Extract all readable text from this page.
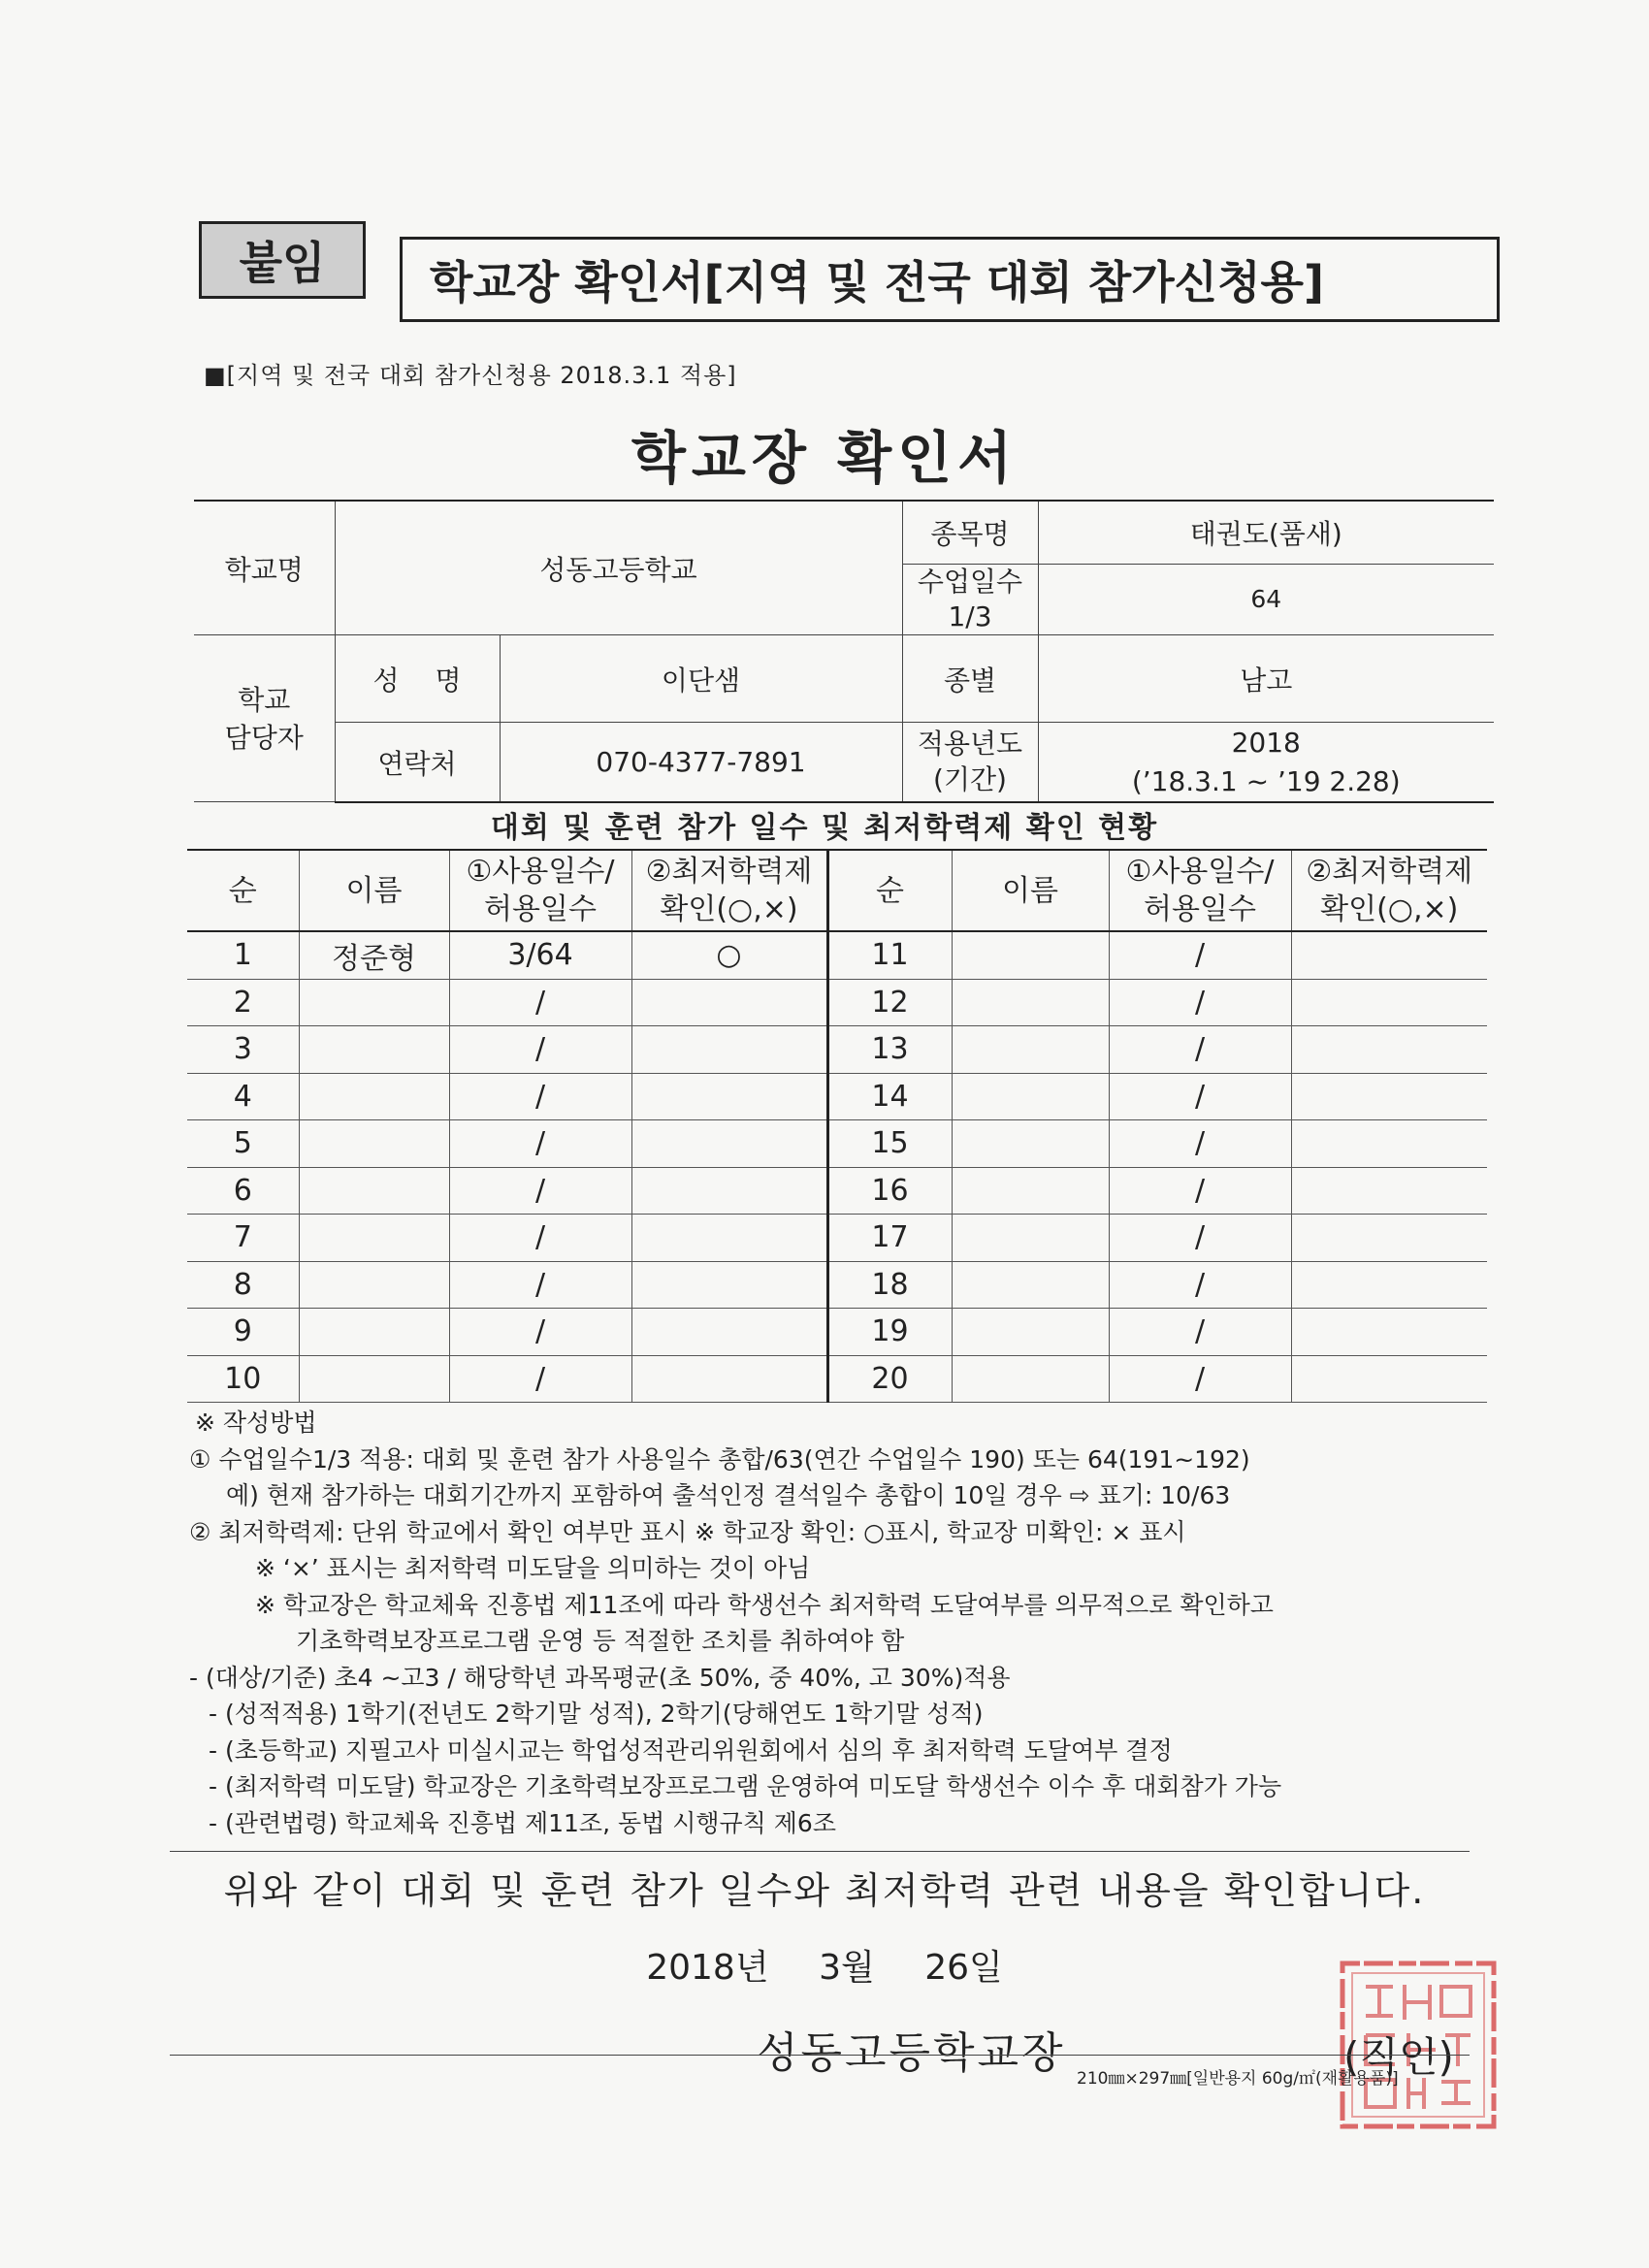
붙임 학교장 확인서[지역 및 전국 대회 참가신청용]
■[지역 및 전국 대회 참가신청용 2018.3.1 적용]
학교장 확인서
학교명	성동고등학교		종목명	태권도(품새)
			수업일수 1/3	64
학교 담당자	성 명	이단샘	종별	남고
	연락처	070-4377-7891	적용년도 (기간)	2018
(’18.3.1 ~ ’19 2.28)
대회 및 훈련 참가 일수 및 최저학력제 확인 현황
순	이름	①사용일수/ 허용일수	②최저학력제 확인(○,×)	순	이름	①사용일수/ 허용일수	②최저학력제 확인(○,×)
1	정준형	3/64	○	11		/	
2		/		12		/	
3		/		13		/	
4		/		14		/	
5		/		15		/	
6		/		16		/	
7		/		17		/	
8		/		18		/	
9		/		19		/	
10		/		20		/	
※ 작성방법
① 수업일수1/3 적용: 대회 및 훈련 참가 사용일수 총합/63(연간 수업일수 190) 또는 64(191~192)
예) 현재 참가하는 대회기간까지 포함하여 출석인정 결석일수 총합이 10일 경우 ⇨ 표기: 10/63
② 최저학력제: 단위 학교에서 확인 여부만 표시 ※ 학교장 확인: ○표시, 학교장 미확인: × 표시
※ ‘×’ 표시는 최저학력 미도달을 의미하는 것이 아님
※ 학교장은 학교체육 진흥법 제11조에 따라 학생선수 최저학력 도달여부를 의무적으로 확인하고
기초학력보장프로그램 운영 등 적절한 조치를 취하여야 함
- (대상/기준) 초4 ~고3 / 해당학년 과목평균(초 50%, 중 40%, 고 30%)적용
- (성적적용) 1학기(전년도 2학기말 성적), 2학기(당해연도 1학기말 성적)
- (초등학교) 지필고사 미실시교는 학업성적관리위원회에서 심의 후 최저학력 도달여부 결정
- (최저학력 미도달) 학교장은 기초학력보장프로그램 운영하여 미도달 학생선수 이수 후 대회참가 가능
- (관련법령) 학교체육 진흥법 제11조, 동법 시행규칙 제6조
위와 같이 대회 및 훈련 참가 일수와 최저학력 관련 내용을 확인합니다.
2018년 3월 26일
성동고등학교장	(직인)
210㎜×297㎜[일반용지 60g/㎡(재활용품)]
